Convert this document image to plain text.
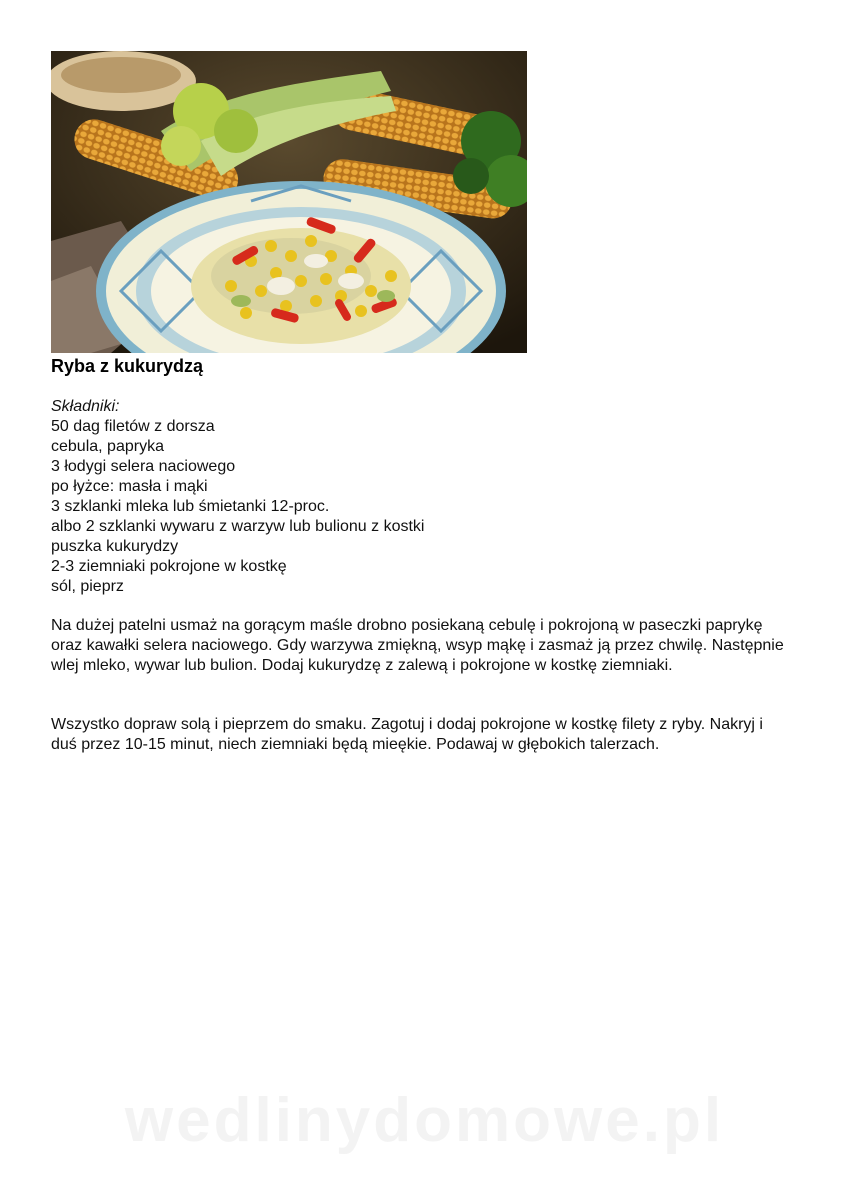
Ryba z kukurydzą
Składniki:
50 dag filetów z dorsza
cebula, papryka
3 łodygi selera naciowego
po łyżce: masła i mąki
3 szklanki mleka lub śmietanki 12-proc.
albo 2 szklanki wywaru z warzyw lub bulionu z kostki
puszka kukurydzy
2-3 ziemniaki pokrojone w kostkę
sól, pieprz

Na dużej patelni usmaż na gorącym maśle drobno posiekaną cebulę i pokrojoną w paseczki paprykę oraz kawałki selera naciowego. Gdy warzywa zmiękną, wsyp mąkę i zasmaż ją przez chwilę. Następnie wlej mleko, wywar lub bulion. Dodaj kukurydzę z zalewą i pokrojone w kostkę ziemniaki.

Wszystko dopraw solą i pieprzem do smaku. Zagotuj i dodaj pokrojone w kostkę filety z ryby. Nakryj i duś przez 10-15 minut, niech ziemniaki będą mieękie. Podawaj w głębokich talerzach.

wedlinydomowe.pl
